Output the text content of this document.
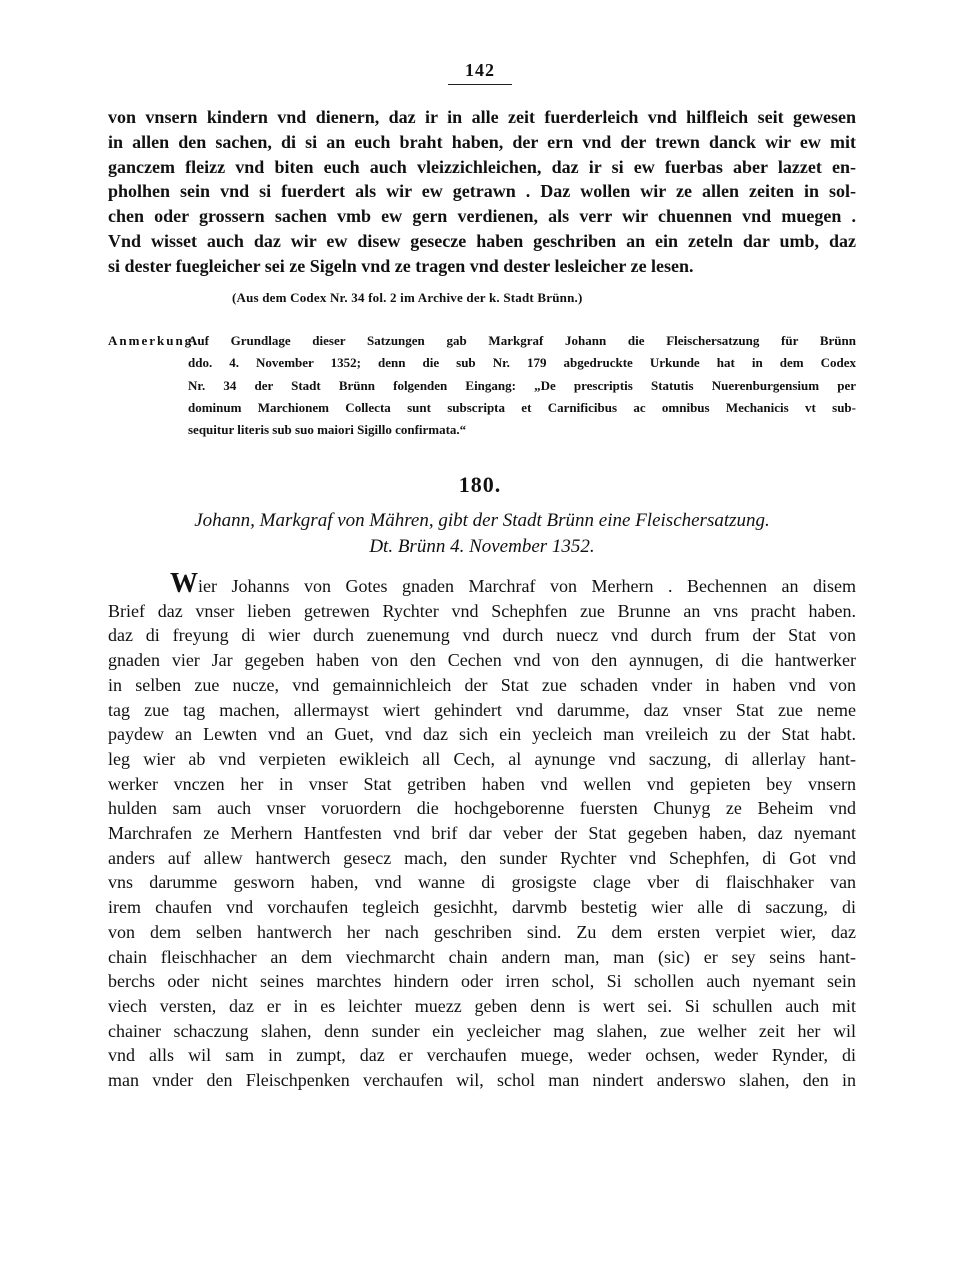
142
von vnsern kindern vnd dienern, daz ir in alle zeit fuerderleich vnd hilfleich seit gewesen
in allen den sachen, di si an euch braht haben, der ern vnd der trewn danck wir ew mit
ganczem fleizz vnd biten euch auch vleizzichleichen, daz ir si ew fuerbas aber lazzet en-
pholhen sein vnd si fuerdert als wir ew getrawn . Daz wollen wir ze allen zeiten in sol-
chen oder grossern sachen vmb ew gern verdienen, als verr wir chuennen vnd muegen .
Vnd wisset auch daz wir ew disew gesecze haben geschriben an ein zeteln dar umb, daz
si dester fuegleicher sei ze Sigeln vnd ze tragen vnd dester lesleicher ze lesen.
(Aus dem Codex Nr. 34 fol. 2 im Archive der k. Stadt Brünn.)
Anmerkung.
Auf Grundlage dieser Satzungen gab Markgraf Johann die Fleischersatzung für Brünn
ddo. 4. November 1352; denn die sub Nr. 179 abgedruckte Urkunde hat in dem Codex
Nr. 34 der Stadt Brünn folgenden Eingang: „De prescriptis Statutis Nuerenburgensium per
dominum Marchionem Collecta sunt subscripta et Carnificibus ac omnibus Mechanicis vt sub-
sequitur literis sub suo maiori Sigillo confirmata.“
180.
Johann, Markgraf von Mähren, gibt der Stadt Brünn eine Fleischersatzung.
Dt. Brünn 4. November 1352.
Wier Johanns von Gotes gnaden Marchraf von Merhern . Bechennen an disem
Brief daz vnser lieben getrewen Rychter vnd Schephfen zue Brunne an vns pracht haben.
daz di freyung di wier durch zuenemung vnd durch nuecz vnd durch frum der Stat von
gnaden vier Jar gegeben haben von den Cechen vnd von den aynnugen, di die hantwerker
in selben zue nucze, vnd gemainnichleich der Stat zue schaden vnder in haben vnd von
tag zue tag machen, allermayst wiert gehindert vnd darumme, daz vnser Stat zue neme
paydew an Lewten vnd an Guet, vnd daz sich ein yecleich man vreileich zu der Stat habt.
leg wier ab vnd verpieten ewikleich all Cech, al aynunge vnd saczung, di allerlay hant-
werker vnczen her in vnser Stat getriben haben vnd wellen vnd gepieten bey vnsern
hulden sam auch vnser voruordern die hochgeborenne fuersten Chunyg ze Beheim vnd
Marchrafen ze Merhern Hantfesten vnd brif dar veber der Stat gegeben haben, daz nyemant
anders auf allew hantwerch gesecz mach, den sunder Rychter vnd Schephfen, di Got vnd
vns darumme gesworn haben, vnd wanne di grosigste clage vber di flaischhaker van
irem chaufen vnd vorchaufen tegleich gesichht, darvmb bestetig wier alle di saczung, di
von dem selben hantwerch her nach geschriben sind. Zu dem ersten verpiet wier, daz
chain fleischhacher an dem viechmarcht chain andern man, man (sic) er sey seins hant-
berchs oder nicht seines marchtes hindern oder irren schol, Si schollen auch nyemant sein
viech versten, daz er in es leichter muezz geben denn is wert sei. Si schullen auch mit
chainer schaczung slahen, denn sunder ein yecleicher mag slahen, zue welher zeit her wil
vnd alls wil sam in zumpt, daz er verchaufen muege, weder ochsen, weder Rynder, di
man vnder den Fleischpenken verchaufen wil, schol man nindert anderswo slahen, den in
